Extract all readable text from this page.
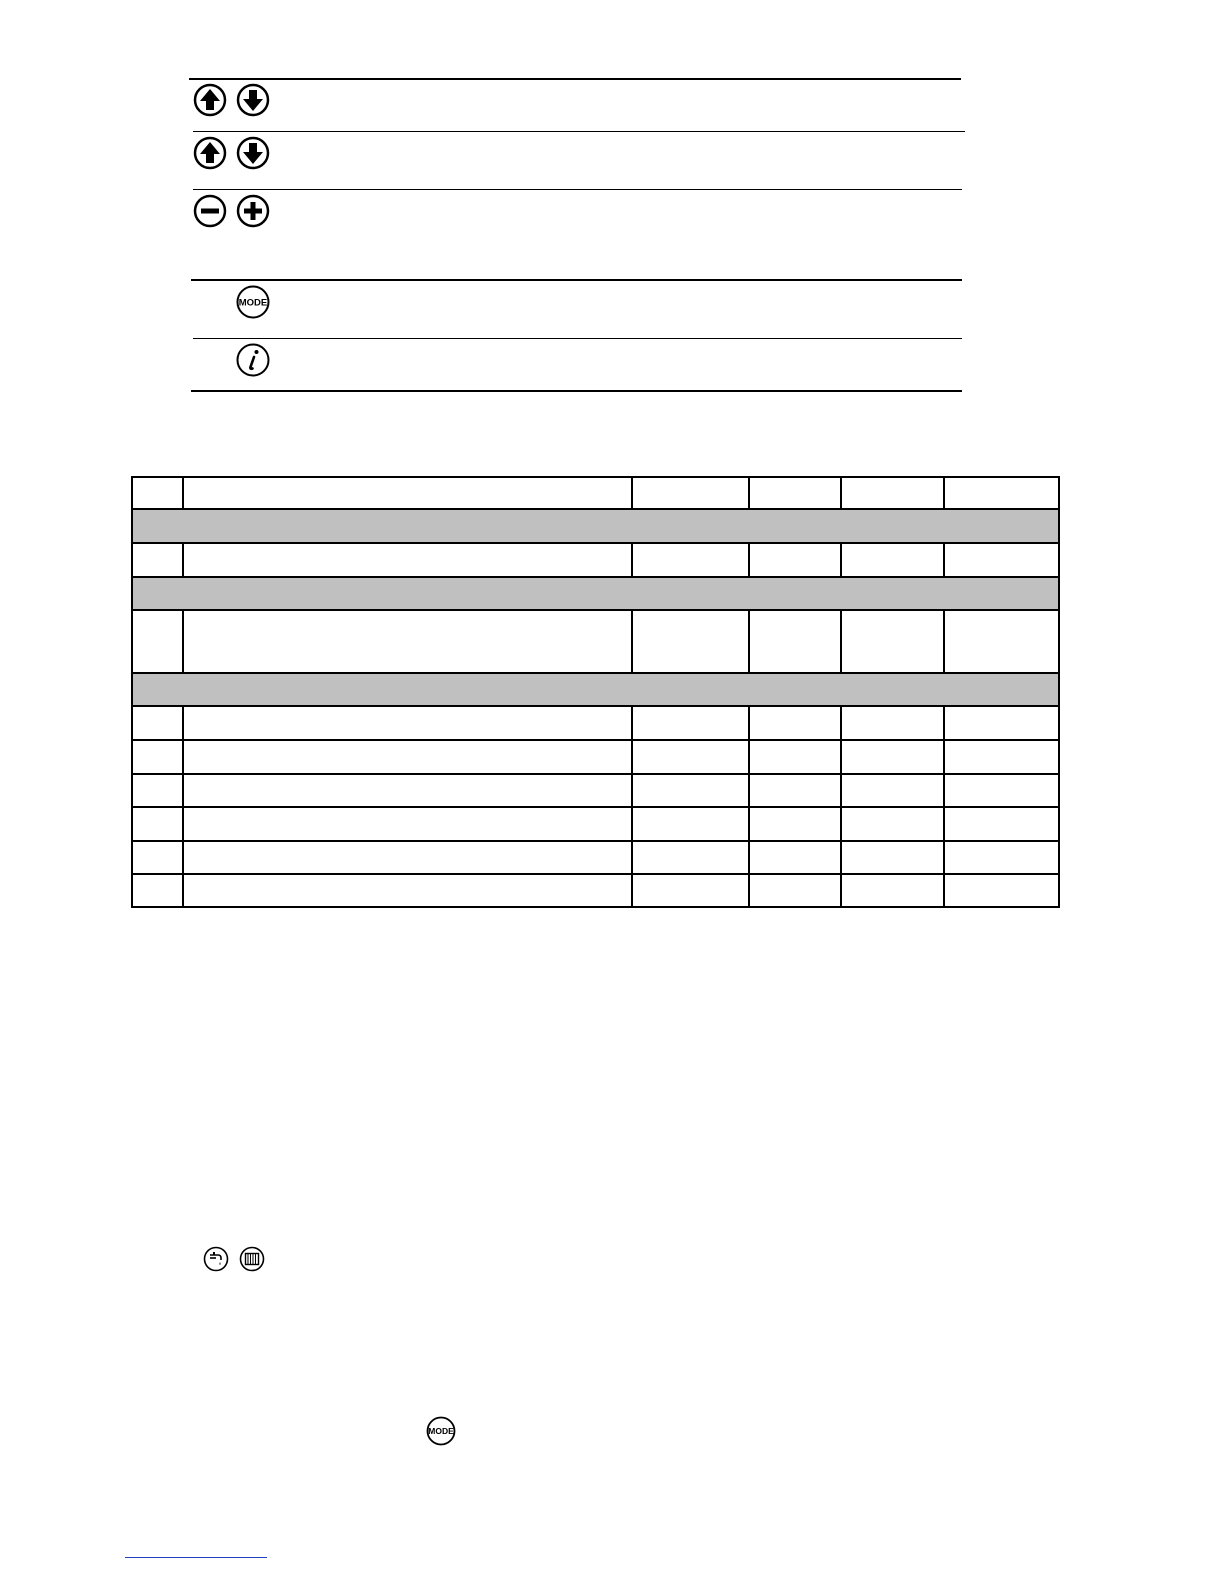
MODE
MODE
